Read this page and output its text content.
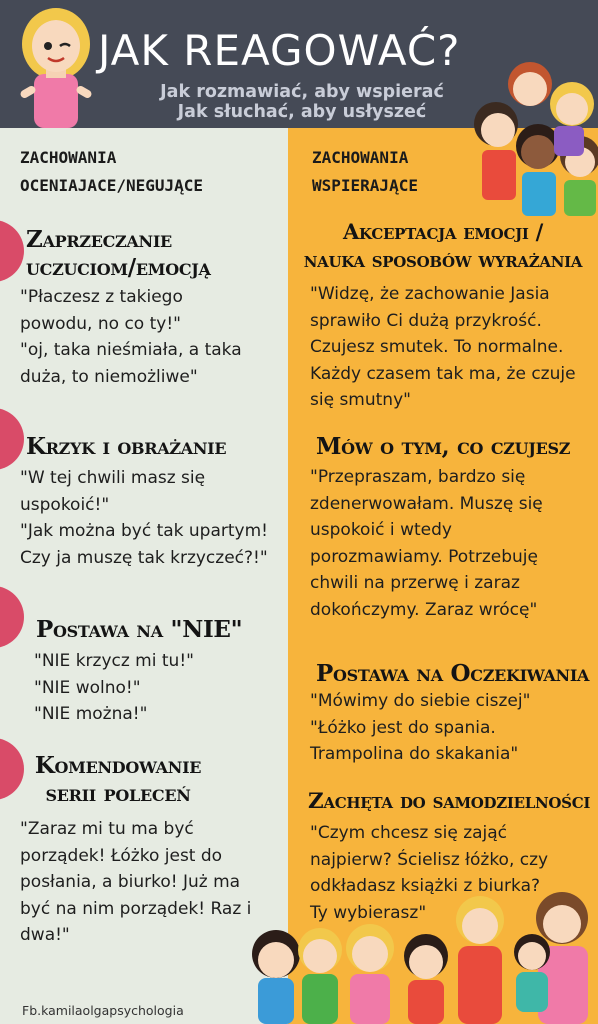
JAK REAGOWAĆ?
Jak rozmawiać, aby wspierać
Jak słuchać, aby usłyszeć
ZACHOWANIA
OCENIAJACE/NEGUJĄCE
ZACHOWANIA
WSPIERAJĄCE
Zaprzeczanie
uczuciom/emocją
"Płaczesz z takiego
powodu, no co ty!"
"oj, taka nieśmiała, a taka
duża, to niemożliwe"
Krzyk i obrażanie
"W tej chwili masz się
uspokoić!"
"Jak można być tak upartym!
Czy ja muszę tak krzyczeć?!"
Postawa na "NIE"
"NIE krzycz mi tu!"
"NIE wolno!"
"NIE można!"
Komendowanie
serii poleceń
"Zaraz mi tu ma być
porządek! Łóżko jest do
posłania, a biurko! Już ma
być na nim porządek! Raz i
dwa!"
Akceptacja emocji /
nauka sposobów wyrażania
"Widzę, że zachowanie Jasia
sprawiło Ci dużą przykrość.
Czujesz smutek. To normalne.
Każdy czasem tak ma, że czuje
się smutny"
Mów o tym, co czujesz
"Przepraszam, bardzo się
zdenerwowałam. Muszę się
uspokoić i wtedy
porozmawiamy. Potrzebuję
chwili na przerwę i zaraz
dokończymy. Zaraz wrócę"
Postawa na Oczekiwania
"Mówimy do siebie ciszej"
"Łóżko jest do spania.
Trampolina do skakania"
Zachęta do samodzielności
"Czym chcesz się zająć
najpierw? Ścielisz łóżko, czy
odkładasz książki z biurka?
Ty wybierasz"
Fb.kamilaolgapsychologia
